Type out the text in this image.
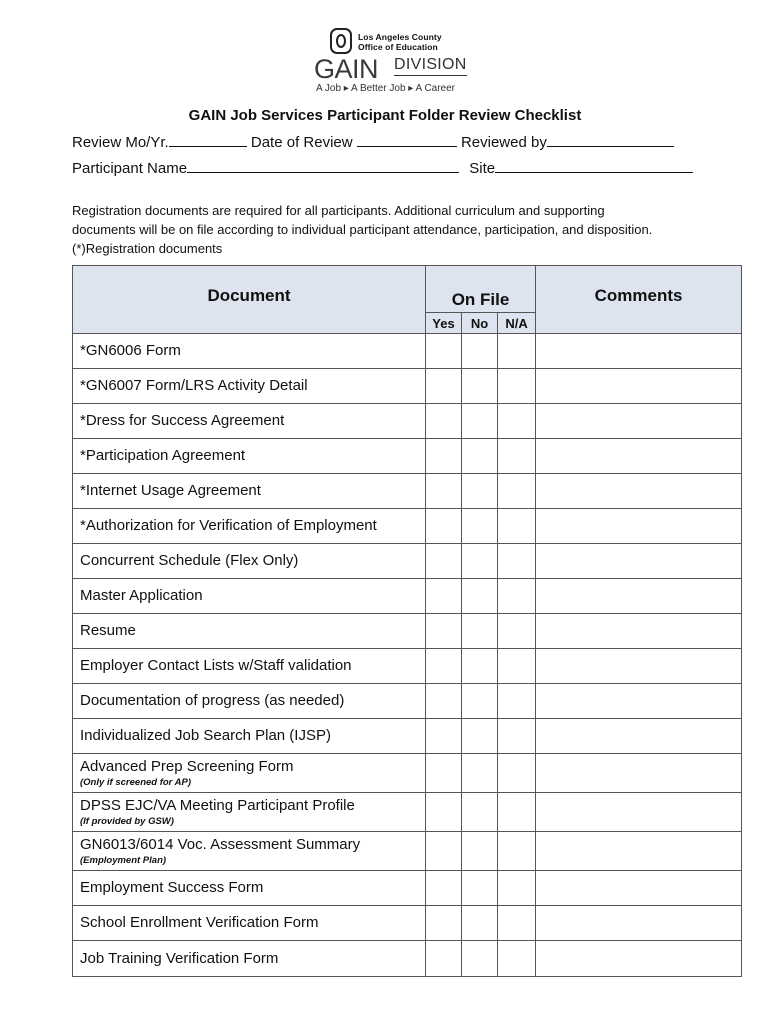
Los Angeles County
Office of Education
GAIN DIVISION
A Job ▸ A Better Job ▸ A Career
GAIN Job Services Participant Folder Review Checklist
Review Mo/Yr.	Date of Review	Reviewed by
Participant Name	Site

Registration documents are required for all participants. Additional curriculum and supporting

documents will be on file according to individual participant attendance, participation, and disposition.

(*)Registration documents

Document	On File			Comments
	Yes	No	N/A	

*GN6006 Form				

*GN6007 Form/LRS Activity Detail				

*Dress for Success Agreement				

*Participation Agreement				

*Internet Usage Agreement				

*Authorization for Verification of Employment				

Concurrent Schedule (Flex Only)				

Master Application				

Resume				

Employer Contact Lists w/Staff validation				

Documentation of progress (as needed)				

Individualized Job Search Plan (IJSP)				

Advanced Prep Screening Form
(Only if screened for AP)				

DPSS EJC/VA Meeting Participant Profile
(If provided by GSW)				

GN6013/6014 Voc. Assessment Summary
(Employment Plan)				

Employment Success Form				

School Enrollment Verification Form				

Job Training Verification Form				
